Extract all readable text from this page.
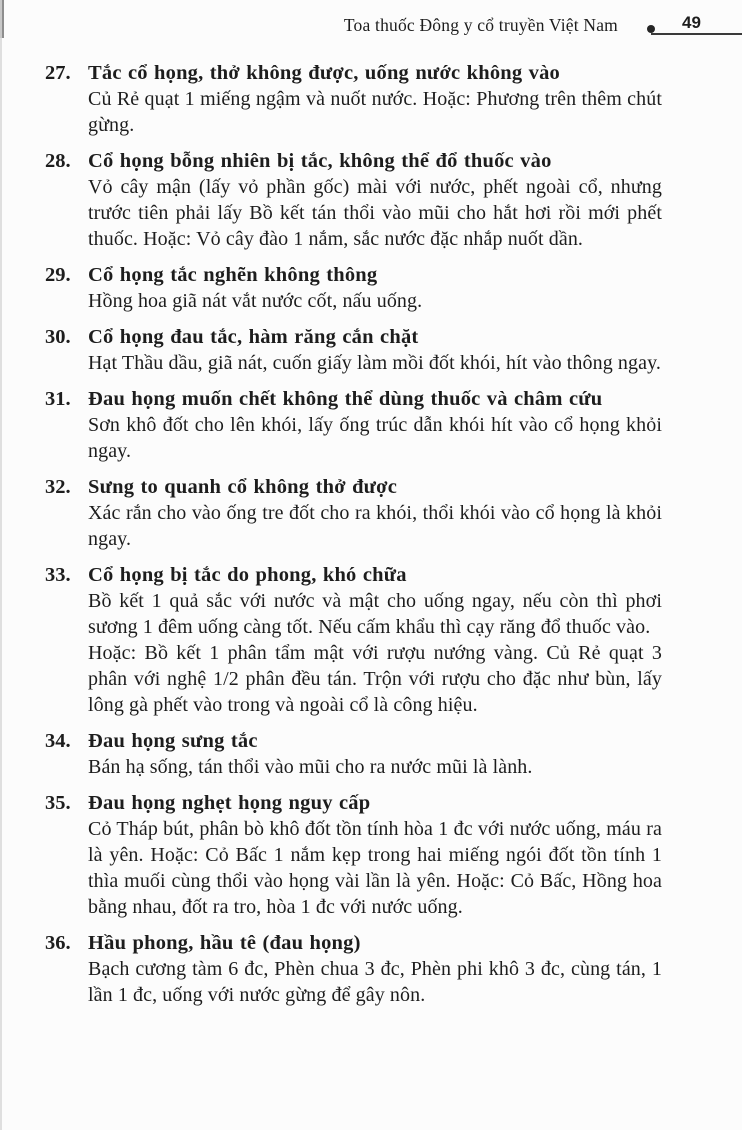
Toa thuốc Đông y cổ truyền Việt Nam	49
27. Tắc cổ họng, thở không được, uống nước không vào

Củ Rẻ quạt 1 miếng ngậm và nuốt nước. Hoặc: Phương trên thêm chút gừng.

28. Cổ họng bỗng nhiên bị tắc, không thể đổ thuốc vào

Vỏ cây mận (lấy vỏ phần gốc) mài với nước, phết ngoài cổ, nhưng trước tiên phải lấy Bồ kết tán thổi vào mũi cho hắt hơi rồi mới phết thuốc. Hoặc: Vỏ cây đào 1 nắm, sắc nước đặc nhắp nuốt dần.

29. Cổ họng tắc nghẽn không thông

Hồng hoa giã nát vắt nước cốt, nấu uống.

30. Cổ họng đau tắc, hàm răng cắn chặt

Hạt Thầu dầu, giã nát, cuốn giấy làm mồi đốt khói, hít vào thông ngay.

31. Đau họng muốn chết không thể dùng thuốc và châm cứu

Sơn khô đốt cho lên khói, lấy ống trúc dẫn khói hít vào cổ họng khỏi ngay.

32. Sưng to quanh cổ không thở được

Xác rắn cho vào ống tre đốt cho ra khói, thổi khói vào cổ họng là khỏi ngay.

33. Cổ họng bị tắc do phong, khó chữa

Bồ kết 1 quả sắc với nước và mật cho uống ngay, nếu còn thì phơi sương 1 đêm uống càng tốt. Nếu cấm khẩu thì cạy răng đổ thuốc vào.

Hoặc: Bồ kết 1 phân tẩm mật với rượu nướng vàng. Củ Rẻ quạt 3 phân với nghệ 1/2 phân đều tán. Trộn với rượu cho đặc như bùn, lấy lông gà phết vào trong và ngoài cổ là công hiệu.

34. Đau họng sưng tắc

Bán hạ sống, tán thổi vào mũi cho ra nước mũi là lành.

35. Đau họng nghẹt họng nguy cấp

Cỏ Tháp bút, phân bò khô đốt tồn tính hòa 1 đc với nước uống, máu ra là yên. Hoặc: Cỏ Bấc 1 nắm kẹp trong hai miếng ngói đốt tồn tính 1 thìa muối cùng thổi vào họng vài lần là yên. Hoặc: Cỏ Bấc, Hồng hoa bằng nhau, đốt ra tro, hòa 1 đc với nước uống.

36. Hầu phong, hầu tê (đau họng)

Bạch cương tàm 6 đc, Phèn chua 3 đc, Phèn phi khô 3 đc, cùng tán, 1 lần 1 đc, uống với nước gừng để gây nôn.
